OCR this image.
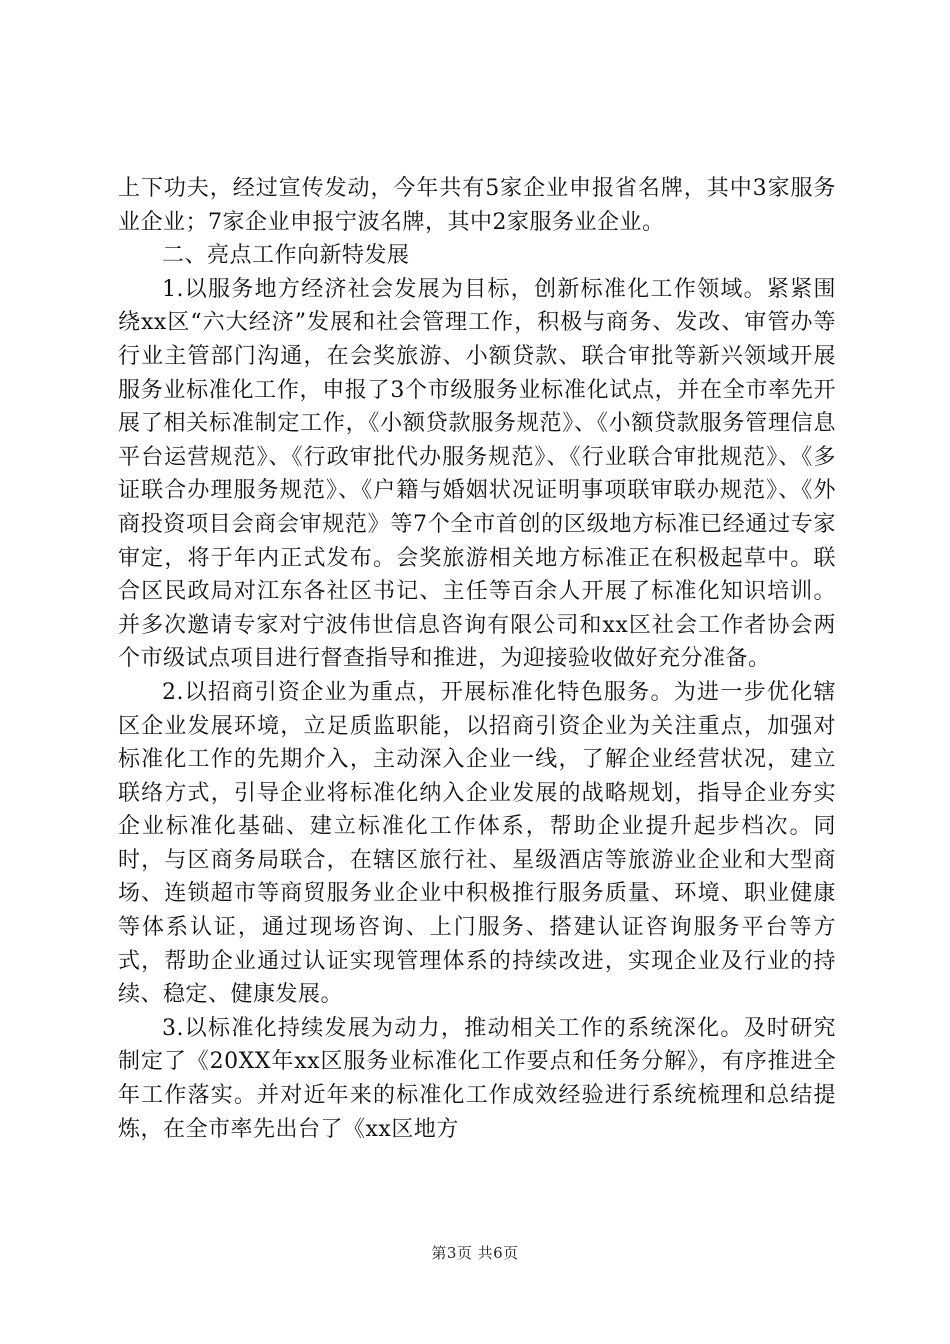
上下功夫，经过宣传发动，今年共有5家企业申报省名牌，其中3家服务业企业；7家企业申报宁波名牌，其中2家服务业企业。

二、亮点工作向新特发展

1.以服务地方经济社会发展为目标，创新标准化工作领域。紧紧围绕xx区“六大经济”发展和社会管理工作，积极与商务、发改、审管办等行业主管部门沟通，在会奖旅游、小额贷款、联合审批等新兴领域开展服务业标准化工作，申报了3个市级服务业标准化试点，并在全市率先开展了相关标准制定工作，《小额贷款服务规范》、《小额贷款服务管理信息平台运营规范》、《行政审批代办服务规范》、《行业联合审批规范》、《多证联合办理服务规范》、《户籍与婚姻状况证明事项联审联办规范》、《外商投资项目会商会审规范》等7个全市首创的区级地方标准已经通过专家审定，将于年内正式发布。会奖旅游相关地方标准正在积极起草中。联合区民政局对江东各社区书记、主任等百余人开展了标准化知识培训。并多次邀请专家对宁波伟世信息咨询有限公司和xx区社会工作者协会两个市级试点项目进行督查指导和推进，为迎接验收做好充分准备。

2.以招商引资企业为重点，开展标准化特色服务。为进一步优化辖区企业发展环境，立足质监职能，以招商引资企业为关注重点，加强对标准化工作的先期介入，主动深入企业一线，了解企业经营状况，建立联络方式，引导企业将标准化纳入企业发展的战略规划，指导企业夯实企业标准化基础、建立标准化工作体系，帮助企业提升起步档次。同时，与区商务局联合，在辖区旅行社、星级酒店等旅游业企业和大型商场、连锁超市等商贸服务业企业中积极推行服务质量、环境、职业健康等体系认证，通过现场咨询、上门服务、搭建认证咨询服务平台等方式，帮助企业通过认证实现管理体系的持续改进，实现企业及行业的持续、稳定、健康发展。

3.以标准化持续发展为动力，推动相关工作的系统深化。及时研究制定了《20XX年xx区服务业标准化工作要点和任务分解》，有序推进全年工作落实。并对近年来的标准化工作成效经验进行系统梳理和总结提炼，在全市率先出台了《xx区地方

第3页 共6页
